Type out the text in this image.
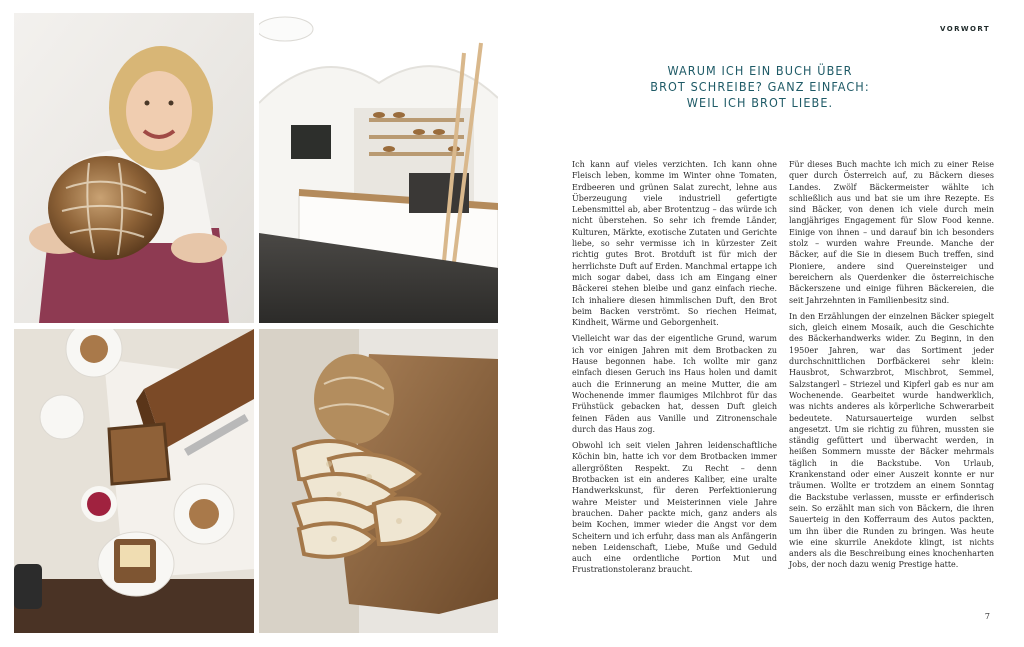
VORWORT
WARUM ICH EIN BUCH ÜBER
BROT SCHREIBE? GANZ EINFACH:
WEIL ICH BROT LIEBE.

Ich kann auf vieles verzichten. Ich kann ohne Fleisch leben, komme im Winter ohne Tomaten, Erdbeeren und grünen Salat zurecht, lehne aus Überzeugung viele industriell gefertigte Lebensmittel ab, aber Brotentzug – das würde ich nicht überstehen. So sehr ich fremde Länder, Kulturen, Märkte, exotische Zutaten und Gerichte liebe, so sehr vermisse ich in kürzester Zeit richtig gutes Brot. Brotduft ist für mich der herrlichste Duft auf Erden. Manchmal ertappe ich mich sogar dabei, dass ich am Eingang einer Bäckerei stehen bleibe und ganz einfach rieche. Ich inhaliere diesen himmlischen Duft, den Brot beim Backen verströmt. So riechen Heimat, Kindheit, Wärme und Geborgenheit.

Vielleicht war das der eigentliche Grund, warum ich vor einigen Jahren mit dem Brotbacken zu Hause begonnen habe. Ich wollte mir ganz einfach diesen Geruch ins Haus holen und damit auch die Erinnerung an meine Mutter, die am Wochenende immer flaumiges Milchbrot für das Frühstück gebacken hat, dessen Duft gleich feinen Fäden aus Vanille und Zitronenschale durch das Haus zog.

Obwohl ich seit vielen Jahren leidenschaftliche Köchin bin, hatte ich vor dem Brotbacken immer allergrößten Respekt. Zu Recht – denn Brotbacken ist ein anderes Kaliber, eine uralte Handwerkskunst, für deren Perfektionierung wahre Meister und Meisterinnen viele Jahre brauchen. Daher packte mich, ganz anders als beim Kochen, immer wieder die Angst vor dem Scheitern und ich erfuhr, dass man als Anfängerin neben Leidenschaft, Liebe, Muße und Geduld auch eine ordentliche Portion Mut und Frustrationstoleranz braucht.

Für dieses Buch machte ich mich zu einer Reise quer durch Österreich auf, zu Bäckern dieses Landes. Zwölf Bäckermeister wählte ich schließlich aus und bat sie um ihre Rezepte. Es sind Bäcker, von denen ich viele durch mein langjähriges Engagement für Slow Food kenne. Einige von ihnen – und darauf bin ich besonders stolz – wurden wahre Freunde. Manche der Bäcker, auf die Sie in diesem Buch treffen, sind Pioniere, andere sind Quereinsteiger und bereichern als Querdenker die österreichische Bäckerszene und einige führen Bäckereien, die seit Jahrzehnten in Familienbesitz sind.

In den Erzählungen der einzelnen Bäcker spiegelt sich, gleich einem Mosaik, auch die Geschichte des Bäckerhandwerks wider. Zu Beginn, in den 1950er Jahren, war das Sortiment jeder durchschnittlichen Dorfbäckerei sehr klein: Hausbrot, Schwarzbrot, Mischbrot, Semmel, Salzstangerl – Striezel und Kipferl gab es nur am Wochenende. Gearbeitet wurde handwerklich, was nichts anderes als körperliche Schwerarbeit bedeutete. Natursauerteige wurden selbst angesetzt. Um sie richtig zu führen, mussten sie ständig gefüttert und überwacht werden, in heißen Sommern musste der Bäcker mehrmals täglich in die Backstube. Von Urlaub, Krankenstand oder einer Auszeit konnte er nur träumen. Wollte er trotzdem an einem Sonntag die Backstube verlassen, musste er erfinderisch sein. So erzählt man sich von Bäckern, die ihren Sauerteig in den Kofferraum des Autos packten, um ihn über die Runden zu bringen. Was heute wie eine skurrile Anekdote klingt, ist nichts anders als die Beschreibung eines knochenharten Jobs, der noch dazu wenig Prestige hatte.

7
